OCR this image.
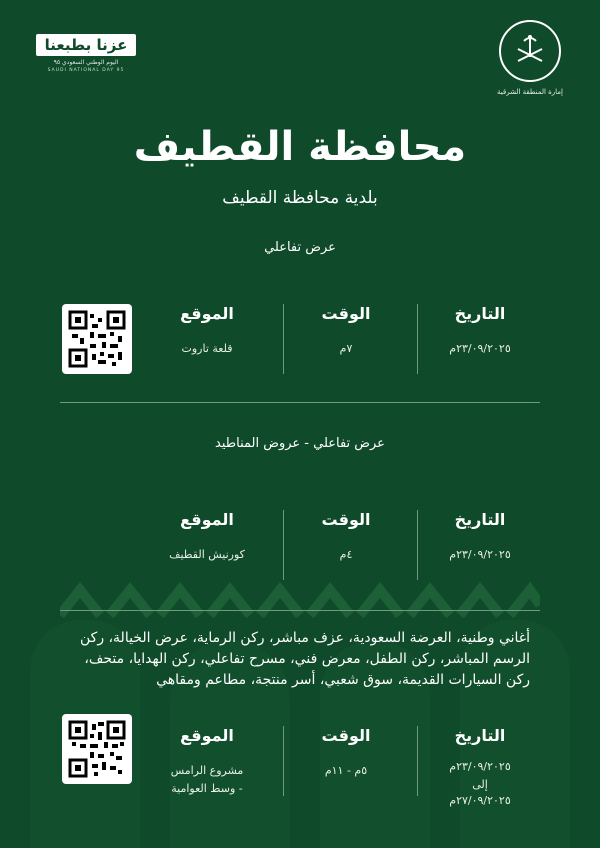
عزنا بطبعنا
اليوم الوطني السعودي ٩٥
SAUDI NATIONAL DAY 95
إمارة المنطقة الشرقية
محافظة القطيف
بلدية محافظة القطيف
عرض تفاعلي
التاريخ
٢٣/٠٩/٢٠٢٥م
الوقت
٧م
الموقع
قلعة تاروت
عرض تفاعلي - عروض المناطيد
التاريخ
٢٣/٠٩/٢٠٢٥م
الوقت
٤م
الموقع
كورنيش القطيف
أغاني وطنية، العرضة السعودية، عزف مباشر، ركن الرماية، عرض الخيالة، ركن الرسم المباشر، ركن الطفل، معرض فني، مسرح تفاعلي، ركن الهدايا، متحف، ركن السيارات القديمة، سوق شعبي، أسر منتجة، مطاعم ومقاهي
التاريخ
٢٣/٠٩/٢٠٢٥م
إلى
٢٧/٠٩/٢٠٢٥م
الوقت
٥م - ١١م
الموقع
مشروع الرامس
- وسط العوامية
